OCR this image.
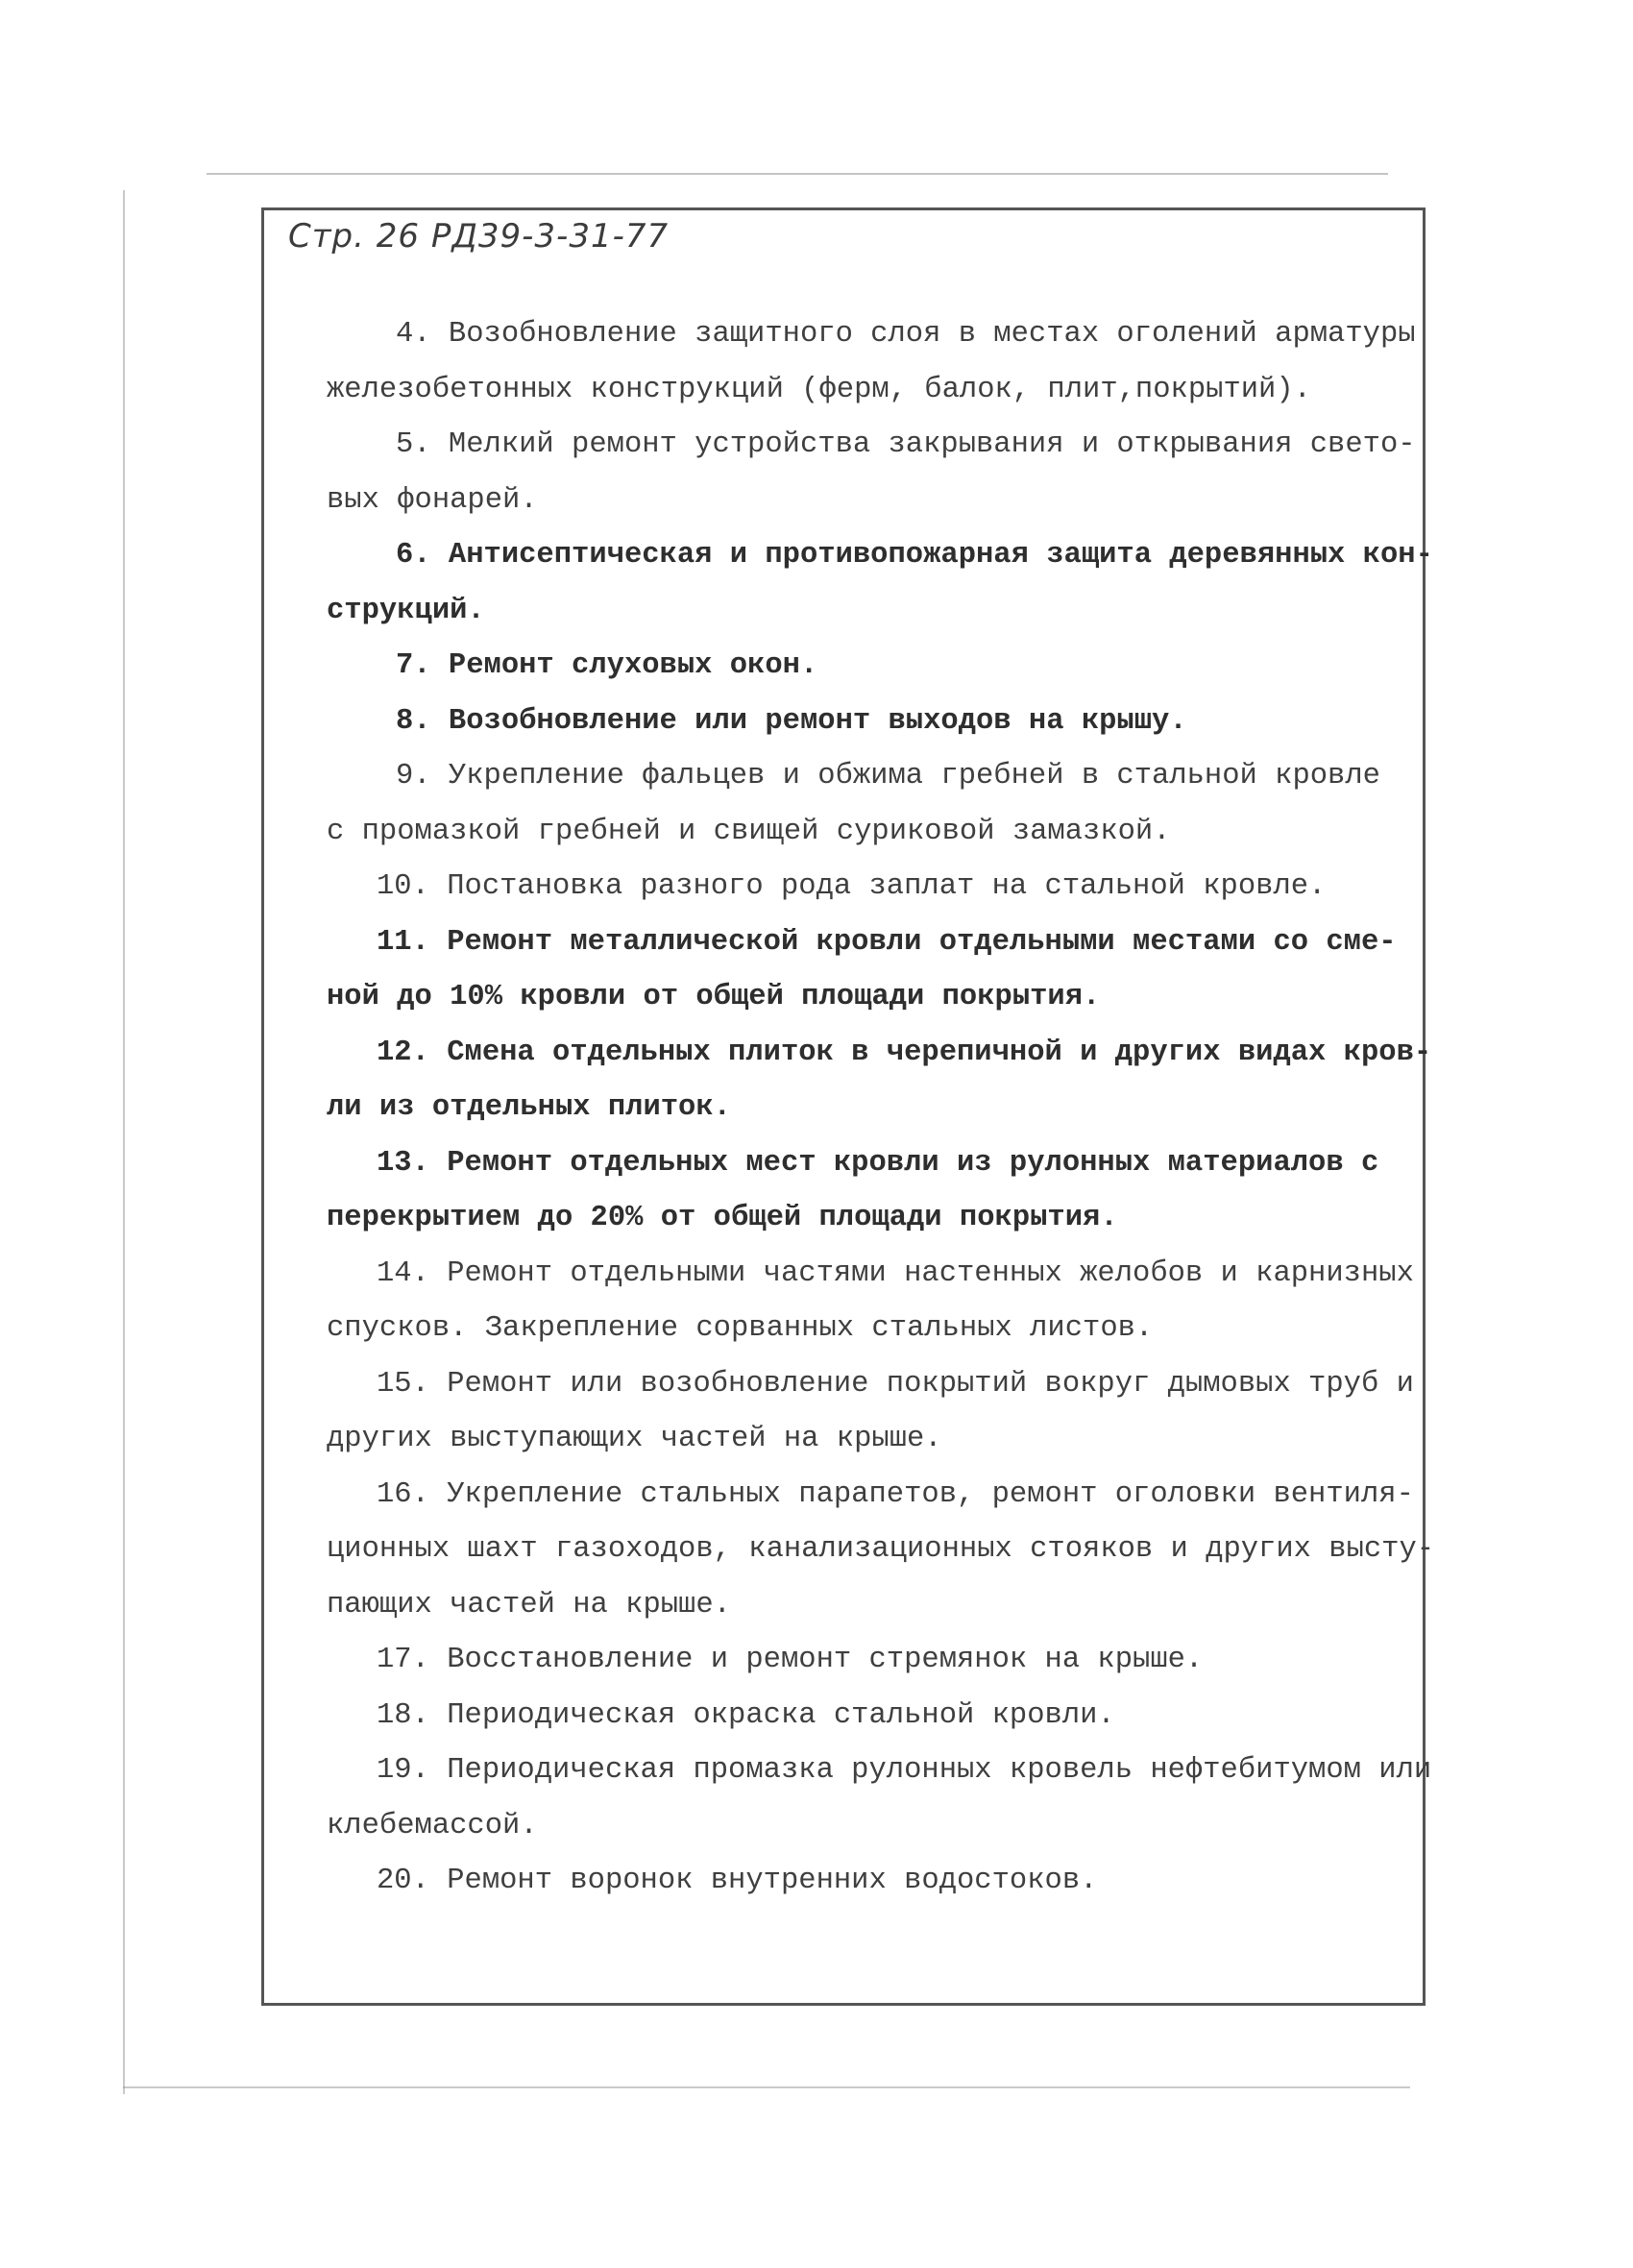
Стр. 26 РД39-3-31-77
4. Возобновление защитного слоя в местах оголений арматуры
железобетонных конструкций (ферм, балок, плит,покрытий).
5. Мелкий ремонт устройства закрывания и открывания свето-
вых фонарей.
6. Антисептическая и противопожарная защита деревянных кон-
струкций.
7. Ремонт слуховых окон.
8. Возобновление или ремонт выходов на крышу.
9. Укрепление фальцев и обжима гребней в стальной кровле
с промазкой гребней и свищей суриковой замазкой.
10. Постановка разного рода заплат на стальной кровле.
11. Ремонт металлической кровли отдельными местами со сме-
ной до 10% кровли от общей площади покрытия.
12. Смена отдельных плиток в черепичной и других видах кров-
ли из отдельных плиток.
13. Ремонт отдельных мест кровли из рулонных материалов с
перекрытием до 20% от общей площади покрытия.
14. Ремонт отдельными частями настенных желобов и карнизных
спусков. Закрепление сорванных стальных листов.
15. Ремонт или возобновление покрытий вокруг дымовых труб и
других выступающих частей на крыше.
16. Укрепление стальных парапетов, ремонт оголовки вентиля-
ционных шахт газоходов, канализационных стояков и других высту-
пающих частей на крыше.
17. Восстановление и ремонт стремянок на крыше.
18. Периодическая окраска стальной кровли.
19. Периодическая промазка рулонных кровель нефтебитумом или
клебемассой.
20. Ремонт воронок внутренних водостоков.
